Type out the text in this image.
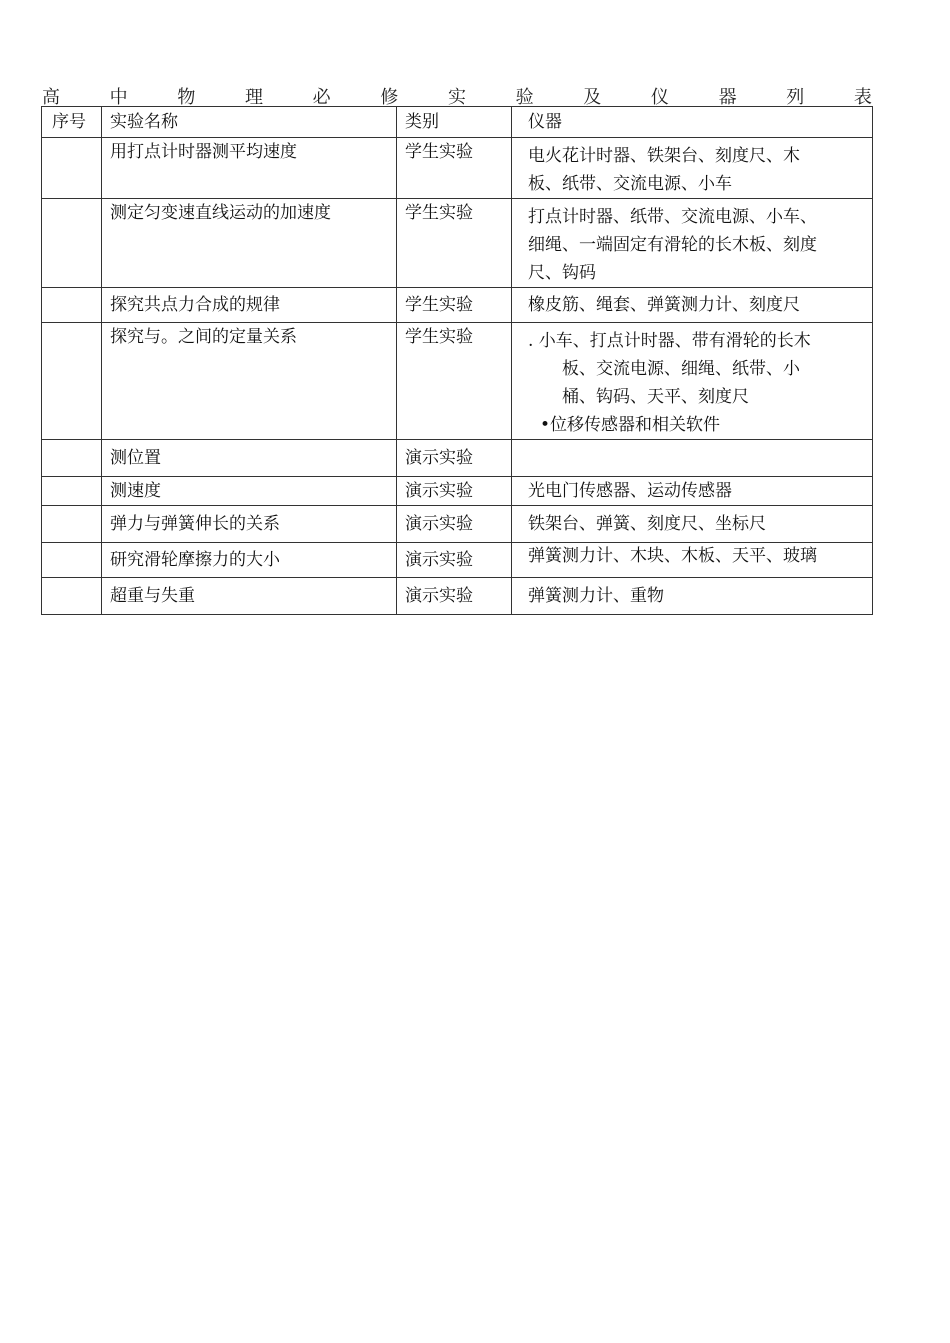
高	中	物	理	必	修	实	验	及	仪	器	列	表
序号	实验名称	类别	仪器

	用打点计时器测平均速度	学生实验	电火花计时器、铁架台、刻度尺、木
板、纸带、交流电源、小车

	测定匀变速直线运动的加速度	学生实验	打点计时器、纸带、交流电源、小车、
细绳、一端固定有滑轮的长木板、刻度
尺、钩码

	探究共点力合成的规律	学生实验	橡皮筋、绳套、弹簧测力计、刻度尺

	探究与。之间的定量关系	学生实验	. 小车、打点计时器、带有滑轮的长木
板、交流电源、细绳、纸带、小
桶、钩码、天平、刻度尺
•位移传感器和相关软件

	测位置	演示实验	

	测速度	演示实验	光电门传感器、运动传感器

	弹力与弹簧伸长的关系	演示实验	铁架台、弹簧、刻度尺、坐标尺

	研究滑轮摩擦力的大小	演示实验	弹簧测力计、木块、木板、天平、玻璃

	超重与失重	演示实验	弹簧测力计、重物
